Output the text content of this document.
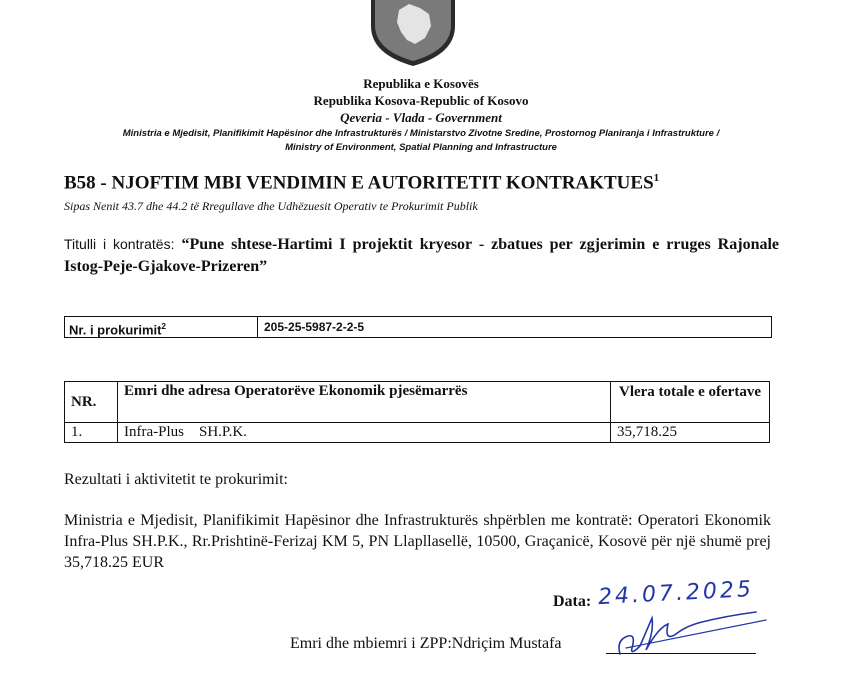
Republika e Kosovës
Republika Kosova-Republic of Kosovo
Qeveria - Vlada - Government
Ministria e Mjedisit, Planifikimit Hapësinor dhe Infrastrukturës / Ministarstvo Zivotne Sredine, Prostornog Planiranja i Infrastrukture /
Ministry of Environment, Spatial Planning and Infrastructure
B58 - NJOFTIM MBI VENDIMIN E AUTORITETIT KONTRAKTUES$^1$
Sipas Nenit 43.7 dhe 44.2 të Rregullave dhe Udhëzuesit Operativ te Prokurimit Publik
Titulli i kontratës: “Pune shtese-Hartimi I projektit kryesor - zbatues per zgjerimin e rruges Rajonale Istog-Peje-Gjakove-Prizeren”
Nr. i prokurimit$^2$	205-25-5987-2-2-5
NR.	Emri dhe adresa Operatorëve Ekonomik pjesëmarrës	Vlera totale e ofertave
1.	Infra-Plus    SH.P.K.	35,718.25
Rezultati i aktivitetit te prokurimit:
Ministria e Mjedisit, Planifikimit Hapësinor dhe Infrastrukturës shpërblen me kontratë: Operatori Ekonomik Infra-Plus SH.P.K., Rr.Prishtinë-Ferizaj KM 5, PN Llapllasellë, 10500, Graçanicë, Kosovë për një shumë prej 35,718.25 EUR
Data: 24.07.2025
Emri dhe mbiemri i ZPP:Ndriçim Mustafa
